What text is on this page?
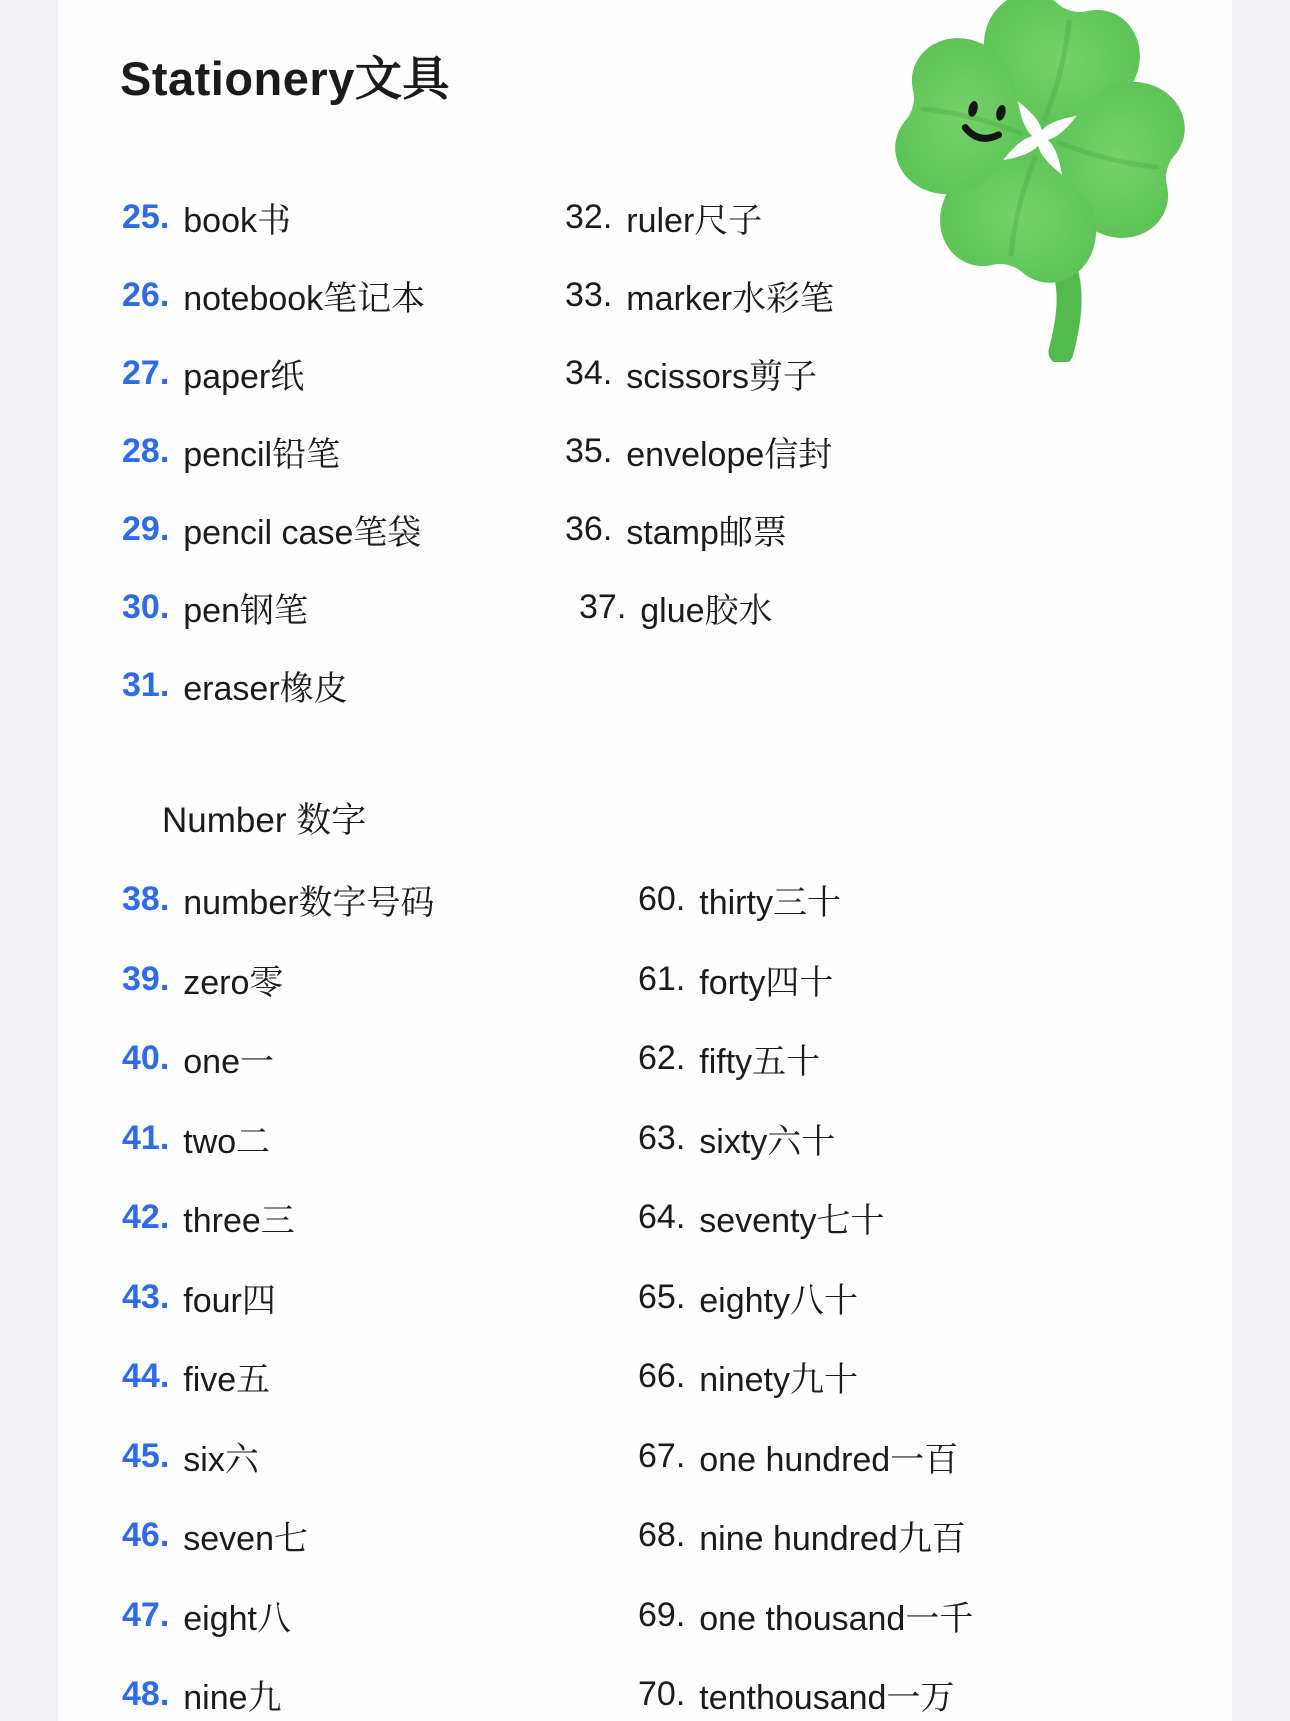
Stationery文具
25. book书
26. notebook笔记本
27. paper纸
28. pencil铅笔
29. pencil case笔袋
30. pen钢笔
31. eraser橡皮
32. ruler尺子
33. marker水彩笔
34. scissors剪子
35. envelope信封
36. stamp邮票
37. glue胶水
Number 数字
38. number数字号码
39. zero零
40. one一
41. two二
42. three三
43. four四
44. five五
45. six六
46. seven七
47. eight八
48. nine九
60. thirty三十
61. forty四十
62. fifty五十
63. sixty六十
64. seventy七十
65. eighty八十
66. ninety九十
67. one hundred一百
68. nine hundred九百
69. one thousand一千
70. tenthousand一万
